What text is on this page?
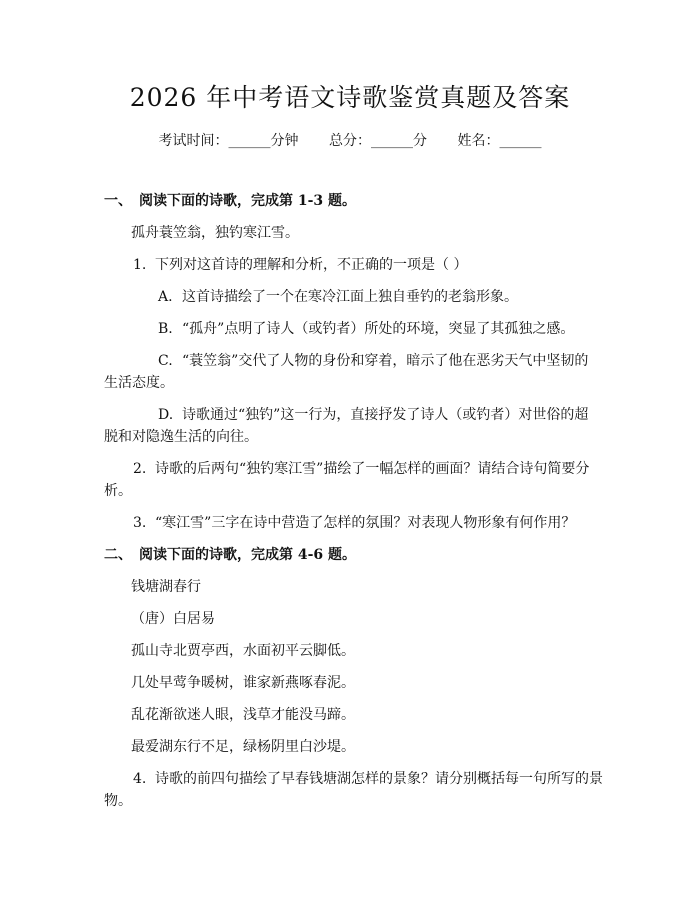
2026 年中考语文诗歌鉴赏真题及答案
考试时间：______分钟 总分：______分 姓名：______
一、 阅读下面的诗歌，完成第 1-3 题。
孤舟蓑笠翁，独钓寒江雪。
1. 下列对这首诗的理解和分析，不正确的一项是（ ）
A. 这首诗描绘了一个在寒冷江面上独自垂钓的老翁形象。
B. “孤舟”点明了诗人（或钓者）所处的环境，突显了其孤独之感。
C. “蓑笠翁”交代了人物的身份和穿着，暗示了他在恶劣天气中坚韧的
生活态度。
D. 诗歌通过“独钓”这一行为，直接抒发了诗人（或钓者）对世俗的超
脱和对隐逸生活的向往。
2. 诗歌的后两句“独钓寒江雪”描绘了一幅怎样的画面？请结合诗句简要分
析。
3. “寒江雪”三字在诗中营造了怎样的氛围？对表现人物形象有何作用？
二、 阅读下面的诗歌，完成第 4-6 题。
钱塘湖春行
（唐）白居易
孤山寺北贾亭西，水面初平云脚低。
几处早莺争暖树，谁家新燕啄春泥。
乱花渐欲迷人眼，浅草才能没马蹄。
最爱湖东行不足，绿杨阴里白沙堤。
4. 诗歌的前四句描绘了早春钱塘湖怎样的景象？请分别概括每一句所写的景
物。
